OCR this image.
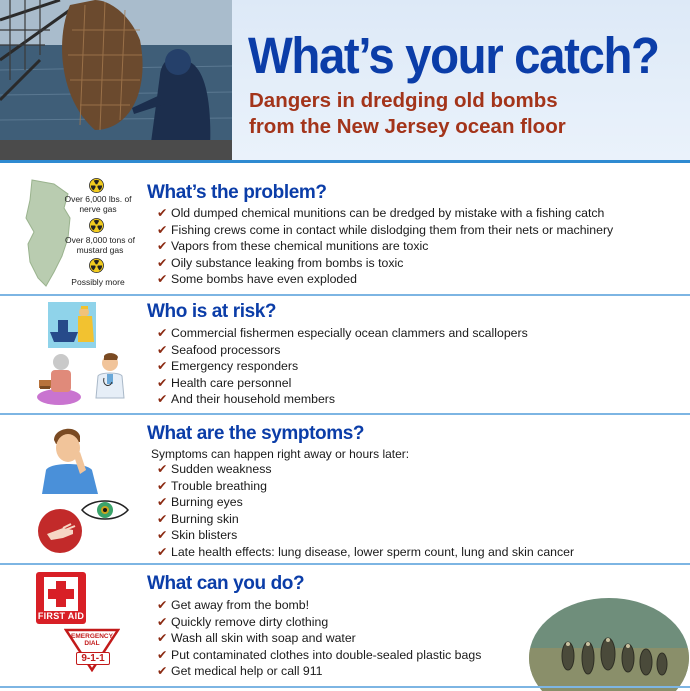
What’s your catch?
Dangers in dredging old bombs
from the New Jersey ocean floor
Over 6,000 lbs. of nerve gas
Over 8,000 tons of mustard gas
Possibly more
What’s the problem?
✔ Old dumped chemical munitions can be dredged by mistake with a fishing catch
✔ Fishing crews come in contact while dislodging them from their nets or machinery
✔ Vapors from these chemical munitions are toxic
✔ Oily substance leaking from bombs is toxic
✔ Some bombs have even exploded
Who is at risk?
✔ Commercial fishermen especially ocean clammers and scallopers
✔ Seafood processors
✔ Emergency responders
✔ Health care personnel
✔ And their household members
What are the symptoms?
Symptoms can happen right away or hours later:
✔ Sudden weakness
✔ Trouble breathing
✔ Burning eyes
✔ Burning skin
✔ Skin blisters
✔ Late health effects: lung disease, lower sperm count, lung and skin cancer
FIRST AID
EMERGENCY DIAL
9-1-1
What can you do?
✔ Get away from the bomb!
✔ Quickly remove dirty clothing
✔ Wash all skin with soap and water
✔ Put contaminated clothes into double-sealed plastic bags
✔ Get medical help or call 911
